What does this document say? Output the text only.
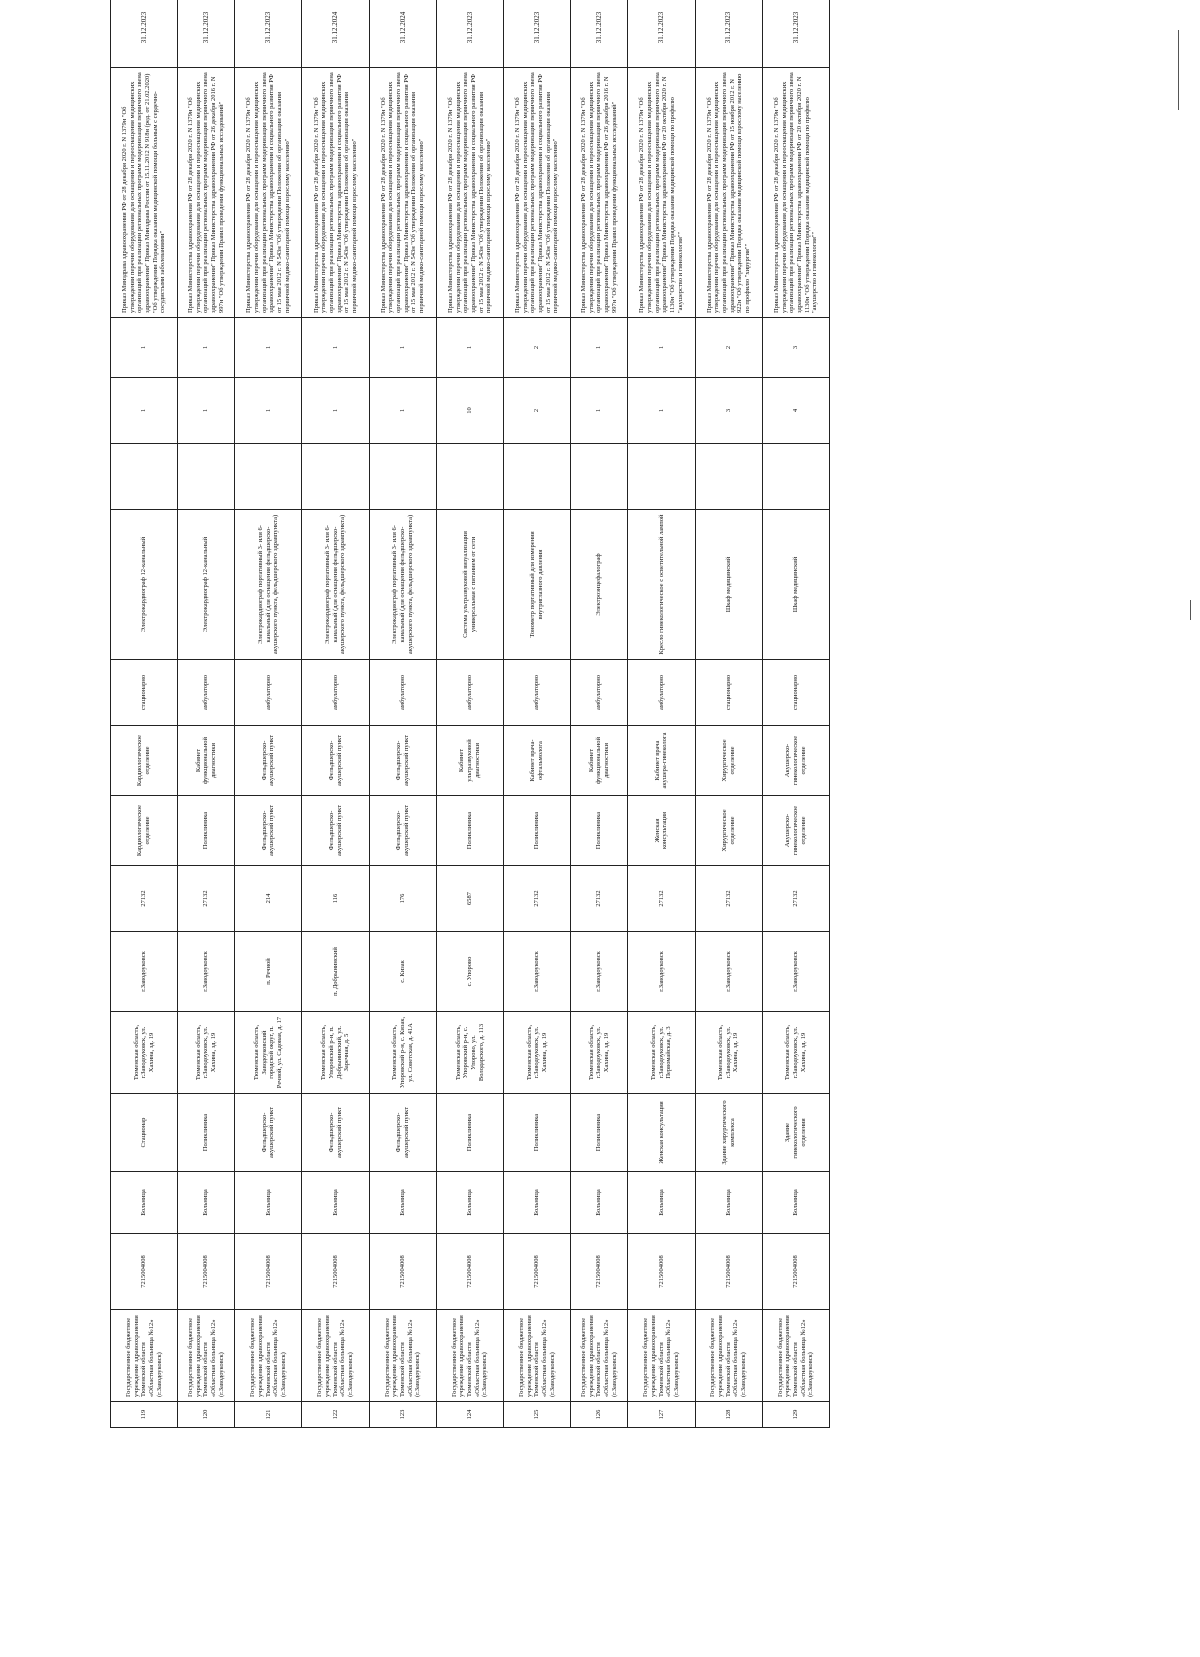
119	Государственное бюджетное учреждение здравоохранения Тюменской области «Областная больница №12» (г.Заводоуковск)	7215004008	Больница	Стационар	Тюменская область, г.Заводоуковск, ул. Хахина, зд. 19	г.Заводоуковск	27132	Кардиологическое отделение	Кардиологическое отделение	стационарно	Электрокардиограф 12-канальный		1	1	Приказ Минздрава здравоохранения РФ от 28 декабря 2020 г. N 1379н "Об утверждении перечня оборудования для оснащения и переоснащения медицинских организаций при реализации региональных программ модернизации первичного звена здравоохранения" Приказ Минздрава России от 15.11.2012 N 918н (ред. от 21.02.2020) "Об утверждении Порядка оказания медицинской помощи больным с сердечно-сосудистыми заболеваниями"	31.12.2023
120	Государственное бюджетное учреждение здравоохранения Тюменской области «Областная больница №12» (г.Заводоуковск)	7215004008	Больница	Поликлиника	Тюменская область, г.Заводоуковск, ул. Хахина, зд. 19	г.Заводоуковск	27132	Поликлиника	Кабинет функциональной диагностики	амбулаторно	Электрокардиограф 12-канальный		1	1	Приказ Министерства здравоохранения РФ от 28 декабря 2020 г. N 1379н "Об утверждении перечня оборудования для оснащения и переоснащения медицинских организаций при реализации региональных программ модернизации первичного звена здравоохранения" Приказ Министерства здравоохранения РФ от 26 декабря 2016 г. N 997н "Об утверждении Правил проведения функциональных исследований"	31.12.2023
121	Государственное бюджетное учреждение здравоохранения Тюменской области «Областная больница №12» (г.Заводоуковск)	7215004008	Больница	Фельдшерско-акушерский пункт	Тюменская область, Заводоуковский городской округ, п. Речной, ул. Садовая, д. 17	п. Речной	214	Фельдшерско-акушерский пункт	Фельдшерско-акушерский пункт	амбулаторно	Электрокардиограф портативный 3- или 6-канальный (для оснащения фельдшерско-акушерского пункта, фельдшерского здравпункта)		1	1	Приказ Министерства здравоохранения РФ от 28 декабря 2020 г. N 1379н "Об утверждении перечня оборудования для оснащения и переоснащения медицинских организаций при реализации региональных программ модернизации первичного звена здравоохранения" Приказ Министерства здравоохранения и социального развития РФ от 15 мая 2012 г. N 543н "Об утверждении Положения об организации оказания первичной медико-санитарной помощи взрослому населению"	31.12.2023
122	Государственное бюджетное учреждение здравоохранения Тюменской области «Областная больница №12» (г.Заводоуковск)	7215004008	Больница	Фельдшерско-акушерский пункт	Тюменская область, Упоровский р-н, п. Добрынинский, ул. Заречная, д. 5	п. Добрынинский	116	Фельдшерско-акушерский пункт	Фельдшерско-акушерский пункт	амбулаторно	Электрокардиограф портативный 3- или 6-канальный (для оснащения фельдшерско-акушерского пункта, фельдшерского здравпункта)		1	1	Приказ Министерства здравоохранения РФ от 28 декабря 2020 г. N 1379н "Об утверждении перечня оборудования для оснащения и переоснащения медицинских организаций при реализации региональных программ модернизации первичного звена здравоохранения" Приказ Министерства здравоохранения и социального развития РФ от 15 мая 2012 г. N 543н "Об утверждении Положения об организации оказания первичной медико-санитарной помощи взрослому населению"	31.12.2024
123	Государственное бюджетное учреждение здравоохранения Тюменской области «Областная больница №12» (г.Заводоуковск)	7215004008	Больница	Фельдшерско-акушерский пункт	Тюменская область, Упоровский р-н, с. Кизак, ул. Советская, д. 41А	с. Кизак	176	Фельдшерско-акушерский пункт	Фельдшерско-акушерский пункт	амбулаторно	Электрокардиограф портативный 3- или 6-канальный (для оснащения фельдшерско-акушерского пункта, фельдшерского здравпункта)		1	1	Приказ Министерства здравоохранения РФ от 28 декабря 2020 г. N 1379н "Об утверждении перечня оборудования для оснащения и переоснащения медицинских организаций при реализации региональных программ модернизации первичного звена здравоохранения" Приказ Министерства здравоохранения и социального развития РФ от 15 мая 2012 г. N 543н "Об утверждении Положения об организации оказания первичной медико-санитарной помощи взрослому населению"	31.12.2024
124	Государственное бюджетное учреждение здравоохранения Тюменской области «Областная больница №12» (г.Заводоуковск)	7215004008	Больница	Поликлиника	Тюменская область, Упоровский р-н, с. Упорово, ул. Володарского, д. 113	с. Упорово	6587	Поликлиника	Кабинет ультразвуковой диагностики	амбулаторно	Система ультразвуковой визуализации универсальная с питанием от сети		10	1	Приказ Министерства здравоохранения РФ от 28 декабря 2020 г. N 1379н "Об утверждении перечня оборудования для оснащения и переоснащения медицинских организаций при реализации региональных программ модернизации первичного звена здравоохранения" Приказ Министерства здравоохранения и социального развития РФ от 15 мая 2012 г. N 543н "Об утверждении Положения об организации оказания первичной медико-санитарной помощи взрослому населению"	31.12.2023
125	Государственное бюджетное учреждение здравоохранения Тюменской области «Областная больница №12» (г.Заводоуковск)	7215004008	Больница	Поликлиника	Тюменская область, г.Заводоуковск, ул. Хахина, зд. 19	г.Заводоуковск	27132	Поликлиника	Кабинет врача-офтальмолога	амбулаторно	Тонометр портативный для измерения внутриглазного давления		2	2	Приказ Министерства здравоохранения РФ от 28 декабря 2020 г. N 1379н "Об утверждении перечня оборудования для оснащения и переоснащения медицинских организаций при реализации региональных программ модернизации первичного звена здравоохранения" Приказ Министерства здравоохранения и социального развития РФ от 15 мая 2012 г. N 543н "Об утверждении Положения об организации оказания первичной медико-санитарной помощи взрослому населению"	31.12.2023
126	Государственное бюджетное учреждение здравоохранения Тюменской области «Областная больница №12» (г.Заводоуковск)	7215004008	Больница	Поликлиника	Тюменская область, г.Заводоуковск, ул. Хахина, зд. 19	г.Заводоуковск	27132	Поликлиника	Кабинет функциональной диагностики	амбулаторно	Электроэнцефалограф		1	1	Приказ Министерства здравоохранения РФ от 28 декабря 2020 г. N 1379н "Об утверждении перечня оборудования для оснащения и переоснащения медицинских организаций при реализации региональных программ модернизации первичного звена здравоохранения" Приказ Министерства здравоохранения РФ от 26 декабря 2016 г. N 997н "Об утверждении Правил проведения функциональных исследований"	31.12.2023
127	Государственное бюджетное учреждение здравоохранения Тюменской области «Областная больница №12» (г.Заводоуковск)	7215004008	Больница	Женская консультация	Тюменская область, г.Заводоуковск, ул. Первомайская, д. 3	г.Заводоуковск	27132	Женская консультация	Кабинет врача акушера-гинеколога	амбулаторно	Кресло гинекологическое с осветительной лампой		1	1	Приказ Министерства здравоохранения РФ от 28 декабря 2020 г. N 1379н "Об утверждении перечня оборудования для оснащения и переоснащения медицинских организаций при реализации региональных программ модернизации первичного звена здравоохранения" Приказ Министерства здравоохранения РФ от 20 октября 2020 г. N 1130н "Об утверждении Порядка оказания медицинской помощи по профилю "акушерство и гинекология""	31.12.2023
128	Государственное бюджетное учреждение здравоохранения Тюменской области «Областная больница №12» (г.Заводоуковск)	7215004008	Больница	Здание хирургического комплекса	Тюменская область, г.Заводоуковск, ул. Хахина, зд. 19	г.Заводоуковск	27132	Хирургическое отделение	Хирургическое отделение	стационарно	Шкаф медицинский		3	2	Приказ Министерства здравоохранения РФ от 28 декабря 2020 г. N 1379н "Об утверждении перечня оборудования для оснащения и переоснащения медицинских организаций при реализации региональных программ модернизации первичного звена здравоохранения" Приказ Министерства здравоохранения РФ от 15 ноября 2012 г. N 922н "Об утверждении Порядка оказания медицинской помощи взрослому населению по профилю "хирургия""	31.12.2023
129	Государственное бюджетное учреждение здравоохранения Тюменской области «Областная больница №12» (г.Заводоуковск)	7215004008	Больница	Здание гинекологического отделения	Тюменская область, г.Заводоуковск, ул. Хахина, зд. 19	г.Заводоуковск	27132	Акушерско-гинекологическое отделение	Акушерско-гинекологическое отделение	стационарно	Шкаф медицинский		4	3	Приказ Министерства здравоохранения РФ от 28 декабря 2020 г. N 1379н "Об утверждении перечня оборудования для оснащения и переоснащения медицинских организаций при реализации региональных программ модернизации первичного звена здравоохранения" Приказ Министерства здравоохранения РФ от 20 октября 2020 г. N 1130н "Об утверждении Порядка оказания медицинской помощи по профилю "акушерство и гинекология""	31.12.2023
